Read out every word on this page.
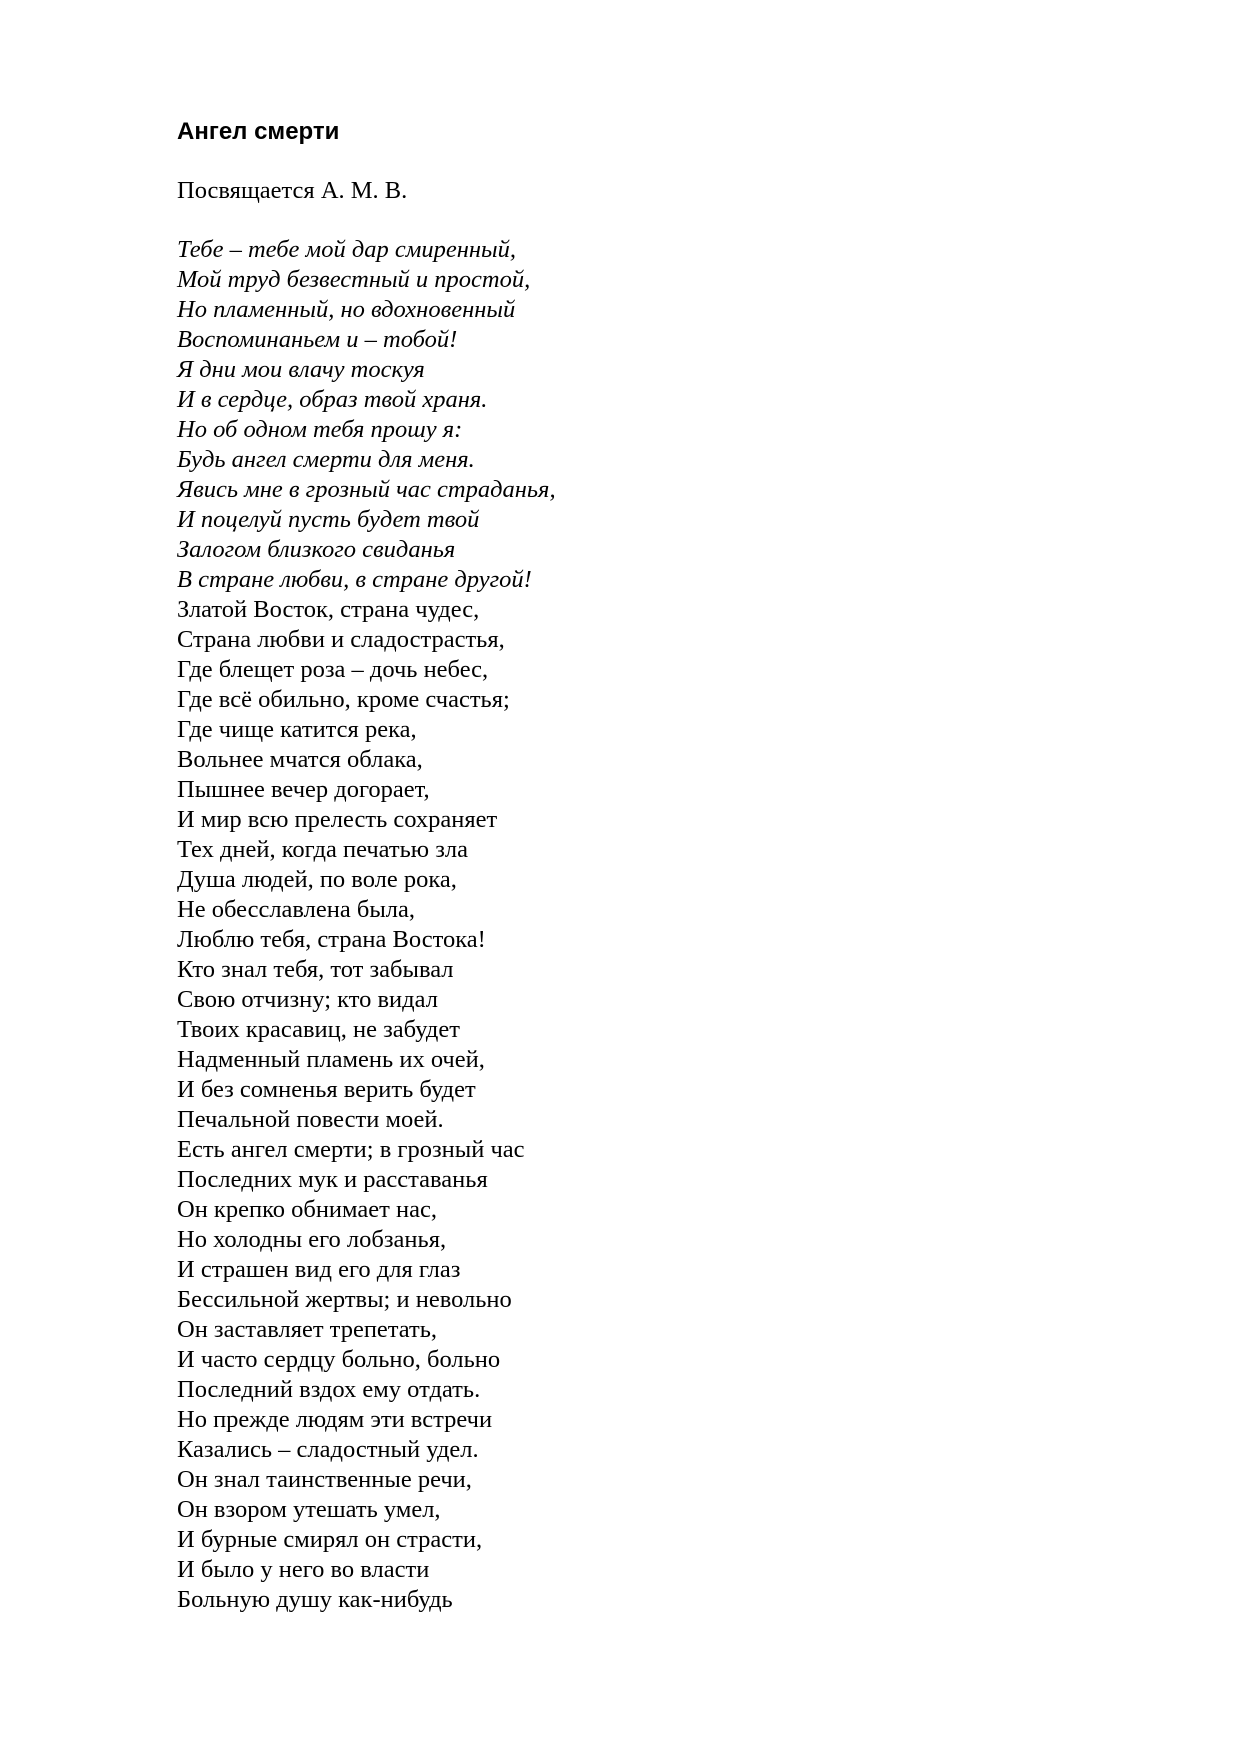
Ангел смерти
Посвящается А. М. В.
Тебе – тебе мой дар смиренный,
Мой труд безвестный и простой,
Но пламенный, но вдохновенный
Воспоминаньем и – тобой!
Я дни мои влачу тоскуя
И в сердце, образ твой храня.
Но об одном тебя прошу я:
Будь ангел смерти для меня.
Явись мне в грозный час страданья,
И поцелуй пусть будет твой
Залогом близкого свиданья
В стране любви, в стране другой!
Златой Восток, страна чудес,
Страна любви и сладострастья,
Где блещет роза – дочь небес,
Где всё обильно, кроме счастья;
Где чище катится река,
Вольнее мчатся облака,
Пышнее вечер догорает,
И мир всю прелесть сохраняет
Тех дней, когда печатью зла
Душа людей, по воле рока,
Не обесславлена была,
Люблю тебя, страна Востока!
Кто знал тебя, тот забывал
Свою отчизну; кто видал
Твоих красавиц, не забудет
Надменный пламень их очей,
И без сомненья верить будет
Печальной повести моей.
Есть ангел смерти; в грозный час
Последних мук и расставанья
Он крепко обнимает нас,
Но холодны его лобзанья,
И страшен вид его для глаз
Бессильной жертвы; и невольно
Он заставляет трепетать,
И часто сердцу больно, больно
Последний вздох ему отдать.
Но прежде людям эти встречи
Казались – сладостный удел.
Он знал таинственные речи,
Он взором утешать умел,
И бурные смирял он страсти,
И было у него во власти
Больную душу как-нибудь
